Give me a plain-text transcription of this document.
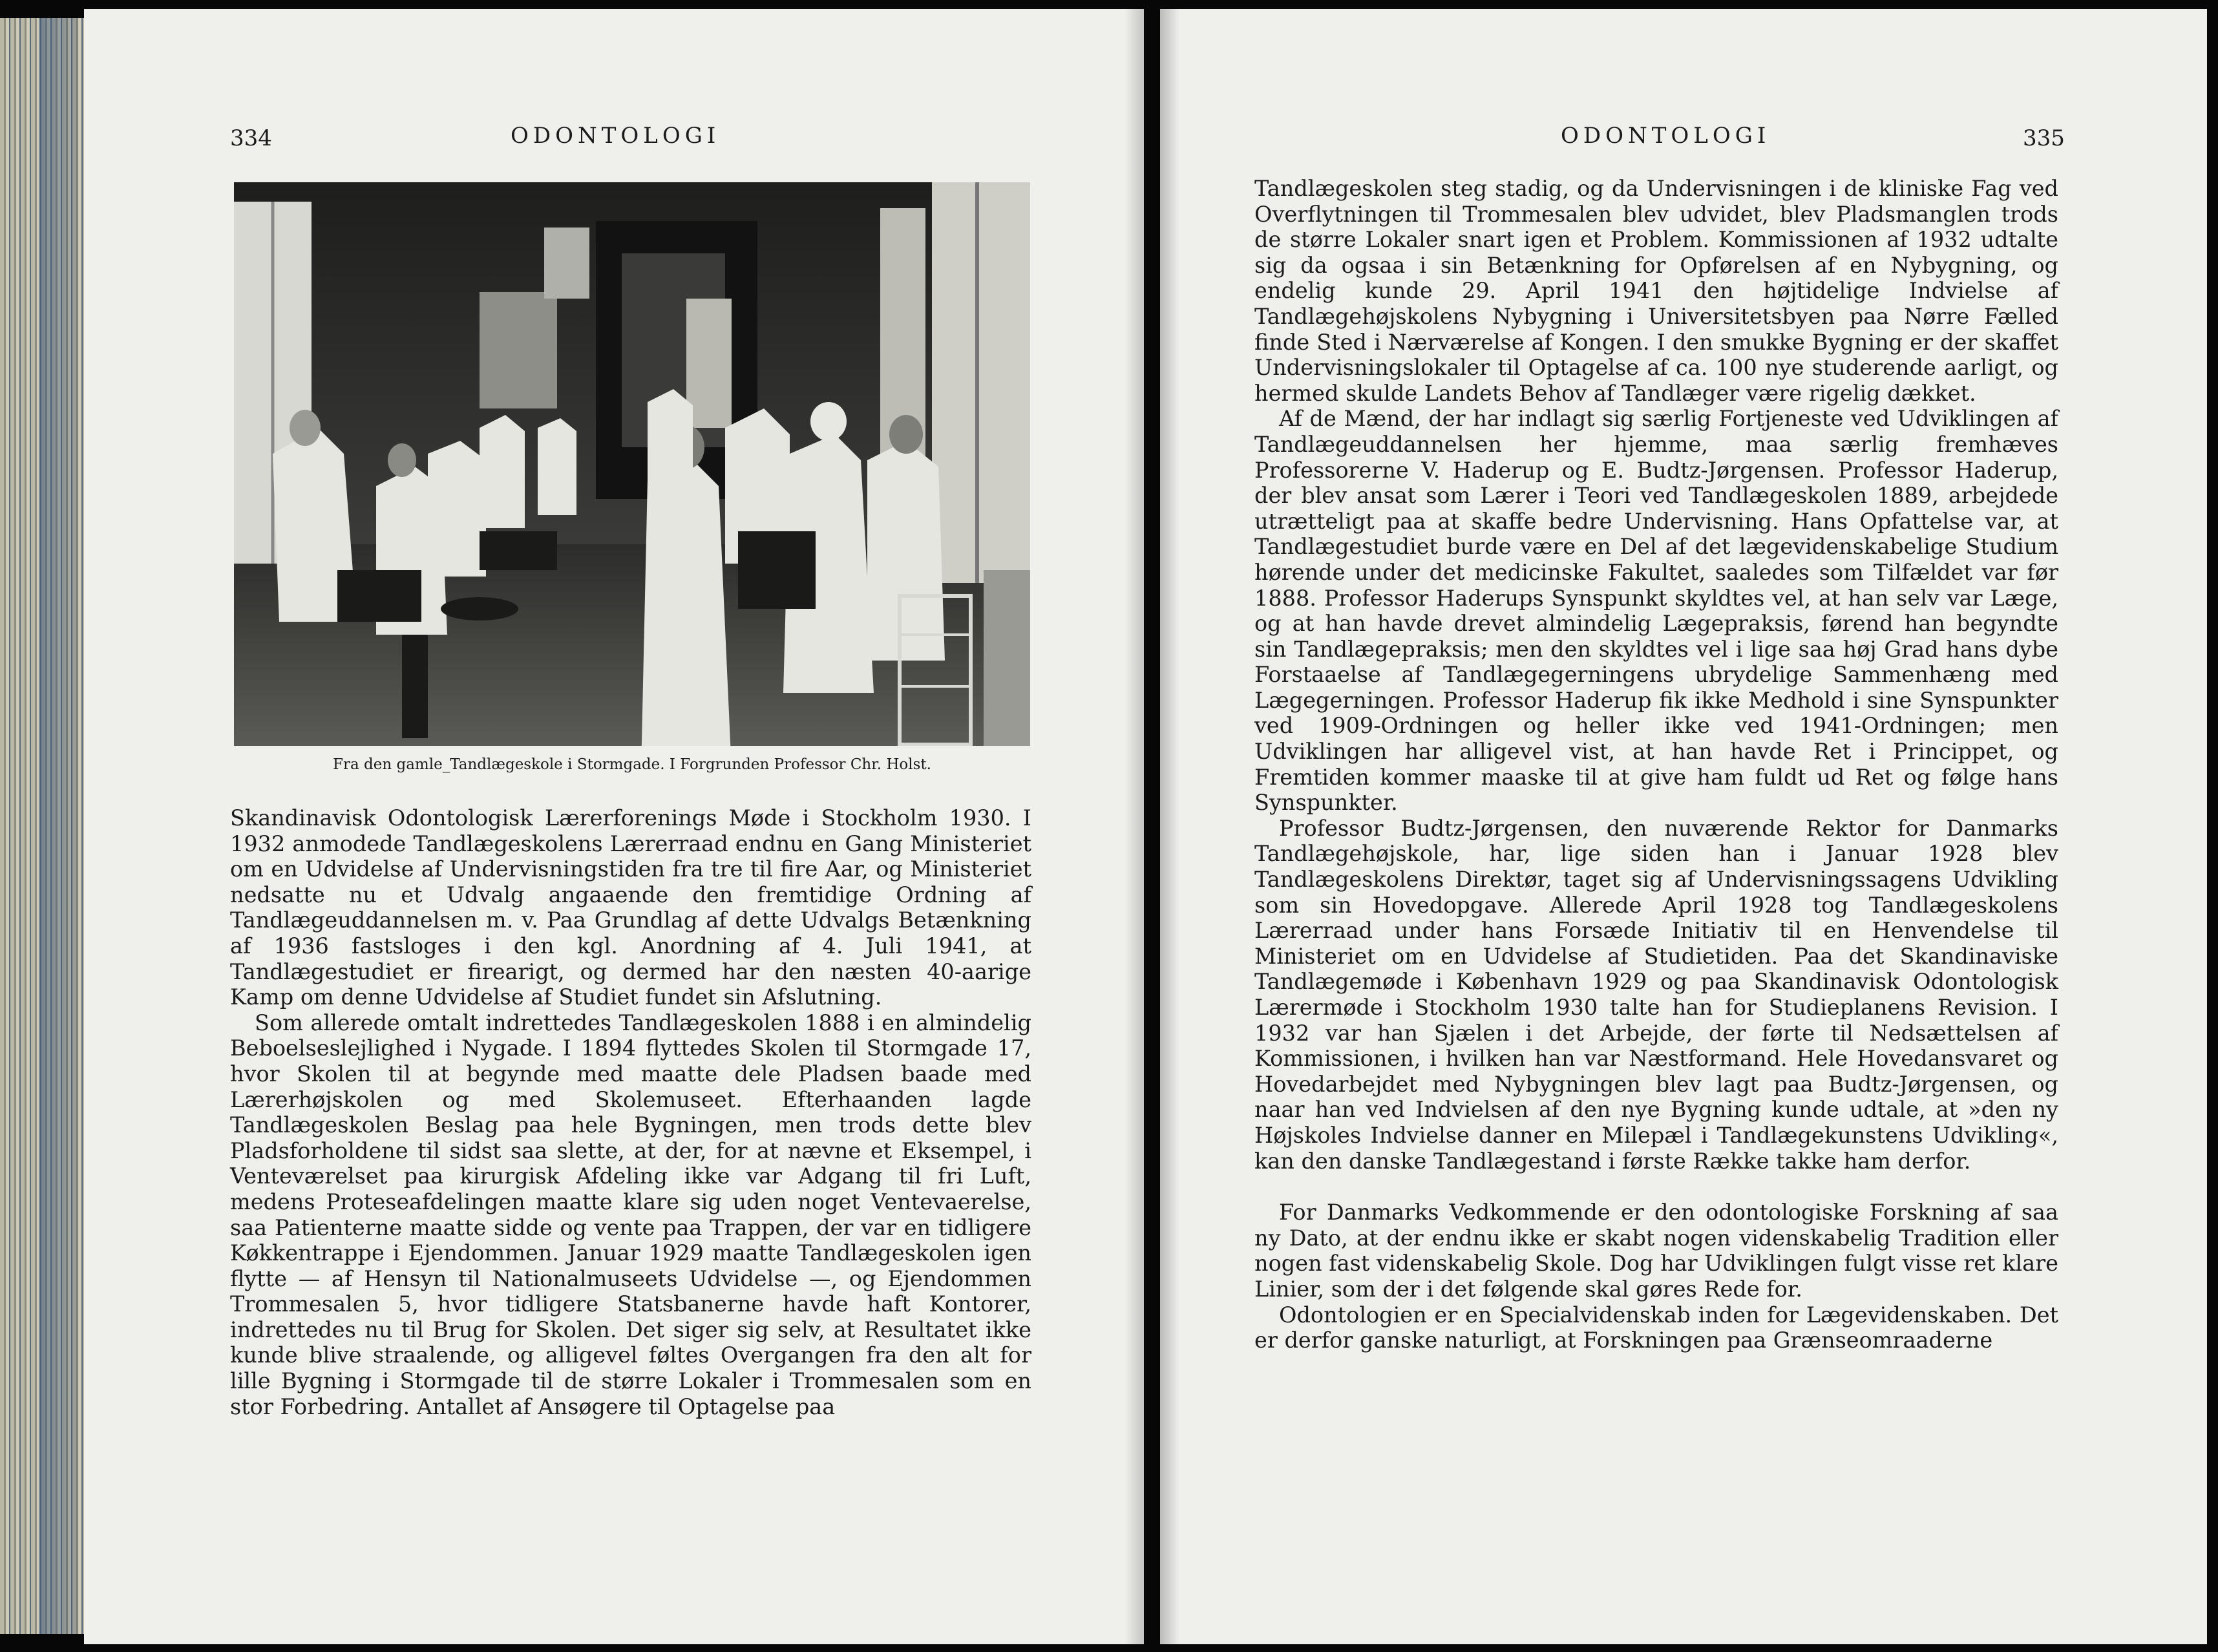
334	ODONTOLOGI
Fra den gamle_Tandlægeskole i Stormgade. I Forgrunden Professor Chr. Holst.

Skandinavisk Odontologisk Lærerforenings Møde i Stockholm 1930. I 1932 anmodede Tandlægeskolens Lærerraad endnu en Gang Ministeriet om en Udvidelse af Undervisningstiden fra tre til fire Aar, og Ministeriet nedsatte nu et Udvalg angaaende den fremtidige Ordning af Tandlægeuddannelsen m. v. Paa Grundlag af dette Udvalgs Betænkning af 1936 fastsloges i den kgl. Anordning af 4. Juli 1941, at Tandlægestudiet er firearigt, og dermed har den næsten 40-aarige Kamp om denne Udvidelse af Studiet fundet sin Afslutning.

Som allerede omtalt indrettedes Tandlægeskolen 1888 i en almindelig Beboelseslejlighed i Nygade. I 1894 flyttedes Skolen til Stormgade 17, hvor Skolen til at begynde med maatte dele Pladsen baade med Lærerhøjskolen og med Skolemuseet. Efterhaanden lagde Tandlægeskolen Beslag paa hele Bygningen, men trods dette blev Pladsforholdene til sidst saa slette, at der, for at nævne et Eksempel, i Venteværelset paa kirurgisk Afdeling ikke var Adgang til fri Luft, medens Proteseafdelingen maatte klare sig uden noget Ventevaerelse, saa Patienterne maatte sidde og vente paa Trappen, der var en tidligere Køkkentrappe i Ejendommen. Januar 1929 maatte Tandlægeskolen igen flytte — af Hensyn til Nationalmuseets Udvidelse —, og Ejendommen Trommesalen 5, hvor tidligere Statsbanerne havde haft Kontorer, indrettedes nu til Brug for Skolen. Det siger sig selv, at Resultatet ikke kunde blive straalende, og alligevel føltes Overgangen fra den alt for lille Bygning i Stormgade til de større Lokaler i Trommesalen som en stor Forbedring. Antallet af Ansøgere til Optagelse paa

ODONTOLOGI	335

Tandlægeskolen steg stadig, og da Undervisningen i de kliniske Fag ved Overflytningen til Trommesalen blev udvidet, blev Pladsmanglen trods de større Lokaler snart igen et Problem. Kommissionen af 1932 udtalte sig da ogsaa i sin Betænkning for Opførelsen af en Nybygning, og endelig kunde 29. April 1941 den højtidelige Indvielse af Tandlægehøjskolens Nybygning i Universitetsbyen paa Nørre Fælled finde Sted i Nærværelse af Kongen. I den smukke Bygning er der skaffet Undervisningslokaler til Optagelse af ca. 100 nye studerende aarligt, og hermed skulde Landets Behov af Tandlæger være rigelig dækket.

Af de Mænd, der har indlagt sig særlig Fortjeneste ved Udviklingen af Tandlægeuddannelsen her hjemme, maa særlig fremhæves Professorerne V. Haderup og E. Budtz-Jørgensen. Professor Haderup, der blev ansat som Lærer i Teori ved Tandlægeskolen 1889, arbejdede utrætteligt paa at skaffe bedre Undervisning. Hans Opfattelse var, at Tandlægestudiet burde være en Del af det lægevidenskabelige Studium hørende under det medicinske Fakultet, saaledes som Tilfældet var før 1888. Professor Haderups Synspunkt skyldtes vel, at han selv var Læge, og at han havde drevet almindelig Lægepraksis, førend han begyndte sin Tandlægepraksis; men den skyldtes vel i lige saa høj Grad hans dybe Forstaaelse af Tandlægegerningens ubrydelige Sammenhæng med Lægegerningen. Professor Haderup fik ikke Medhold i sine Synspunkter ved 1909-Ordningen og heller ikke ved 1941-Ordningen; men Udviklingen har alligevel vist, at han havde Ret i Princippet, og Fremtiden kommer maaske til at give ham fuldt ud Ret og følge hans Synspunkter.

Professor Budtz-Jørgensen, den nuværende Rektor for Danmarks Tandlægehøjskole, har, lige siden han i Januar 1928 blev Tandlægeskolens Direktør, taget sig af Undervisningssagens Udvikling som sin Hovedopgave. Allerede April 1928 tog Tandlægeskolens Lærerraad under hans Forsæde Initiativ til en Henvendelse til Ministeriet om en Udvidelse af Studietiden. Paa det Skandinaviske Tandlægemøde i København 1929 og paa Skandinavisk Odontologisk Lærermøde i Stockholm 1930 talte han for Studieplanens Revision. I 1932 var han Sjælen i det Arbejde, der førte til Nedsættelsen af Kommissionen, i hvilken han var Næstformand. Hele Hovedansvaret og Hovedarbejdet med Nybygningen blev lagt paa Budtz-Jørgensen, og naar han ved Indvielsen af den nye Bygning kunde udtale, at »den ny Højskoles Indvielse danner en Milepæl i Tandlægekunstens Udvikling«, kan den danske Tandlægestand i første Række takke ham derfor.

For Danmarks Vedkommende er den odontologiske Forskning af saa ny Dato, at der endnu ikke er skabt nogen videnskabelig Tradition eller nogen fast videnskabelig Skole. Dog har Udviklingen fulgt visse ret klare Linier, som der i det følgende skal gøres Rede for.

Odontologien er en Specialvidenskab inden for Lægevidenskaben. Det er derfor ganske naturligt, at Forskningen paa Grænseomraaderne
